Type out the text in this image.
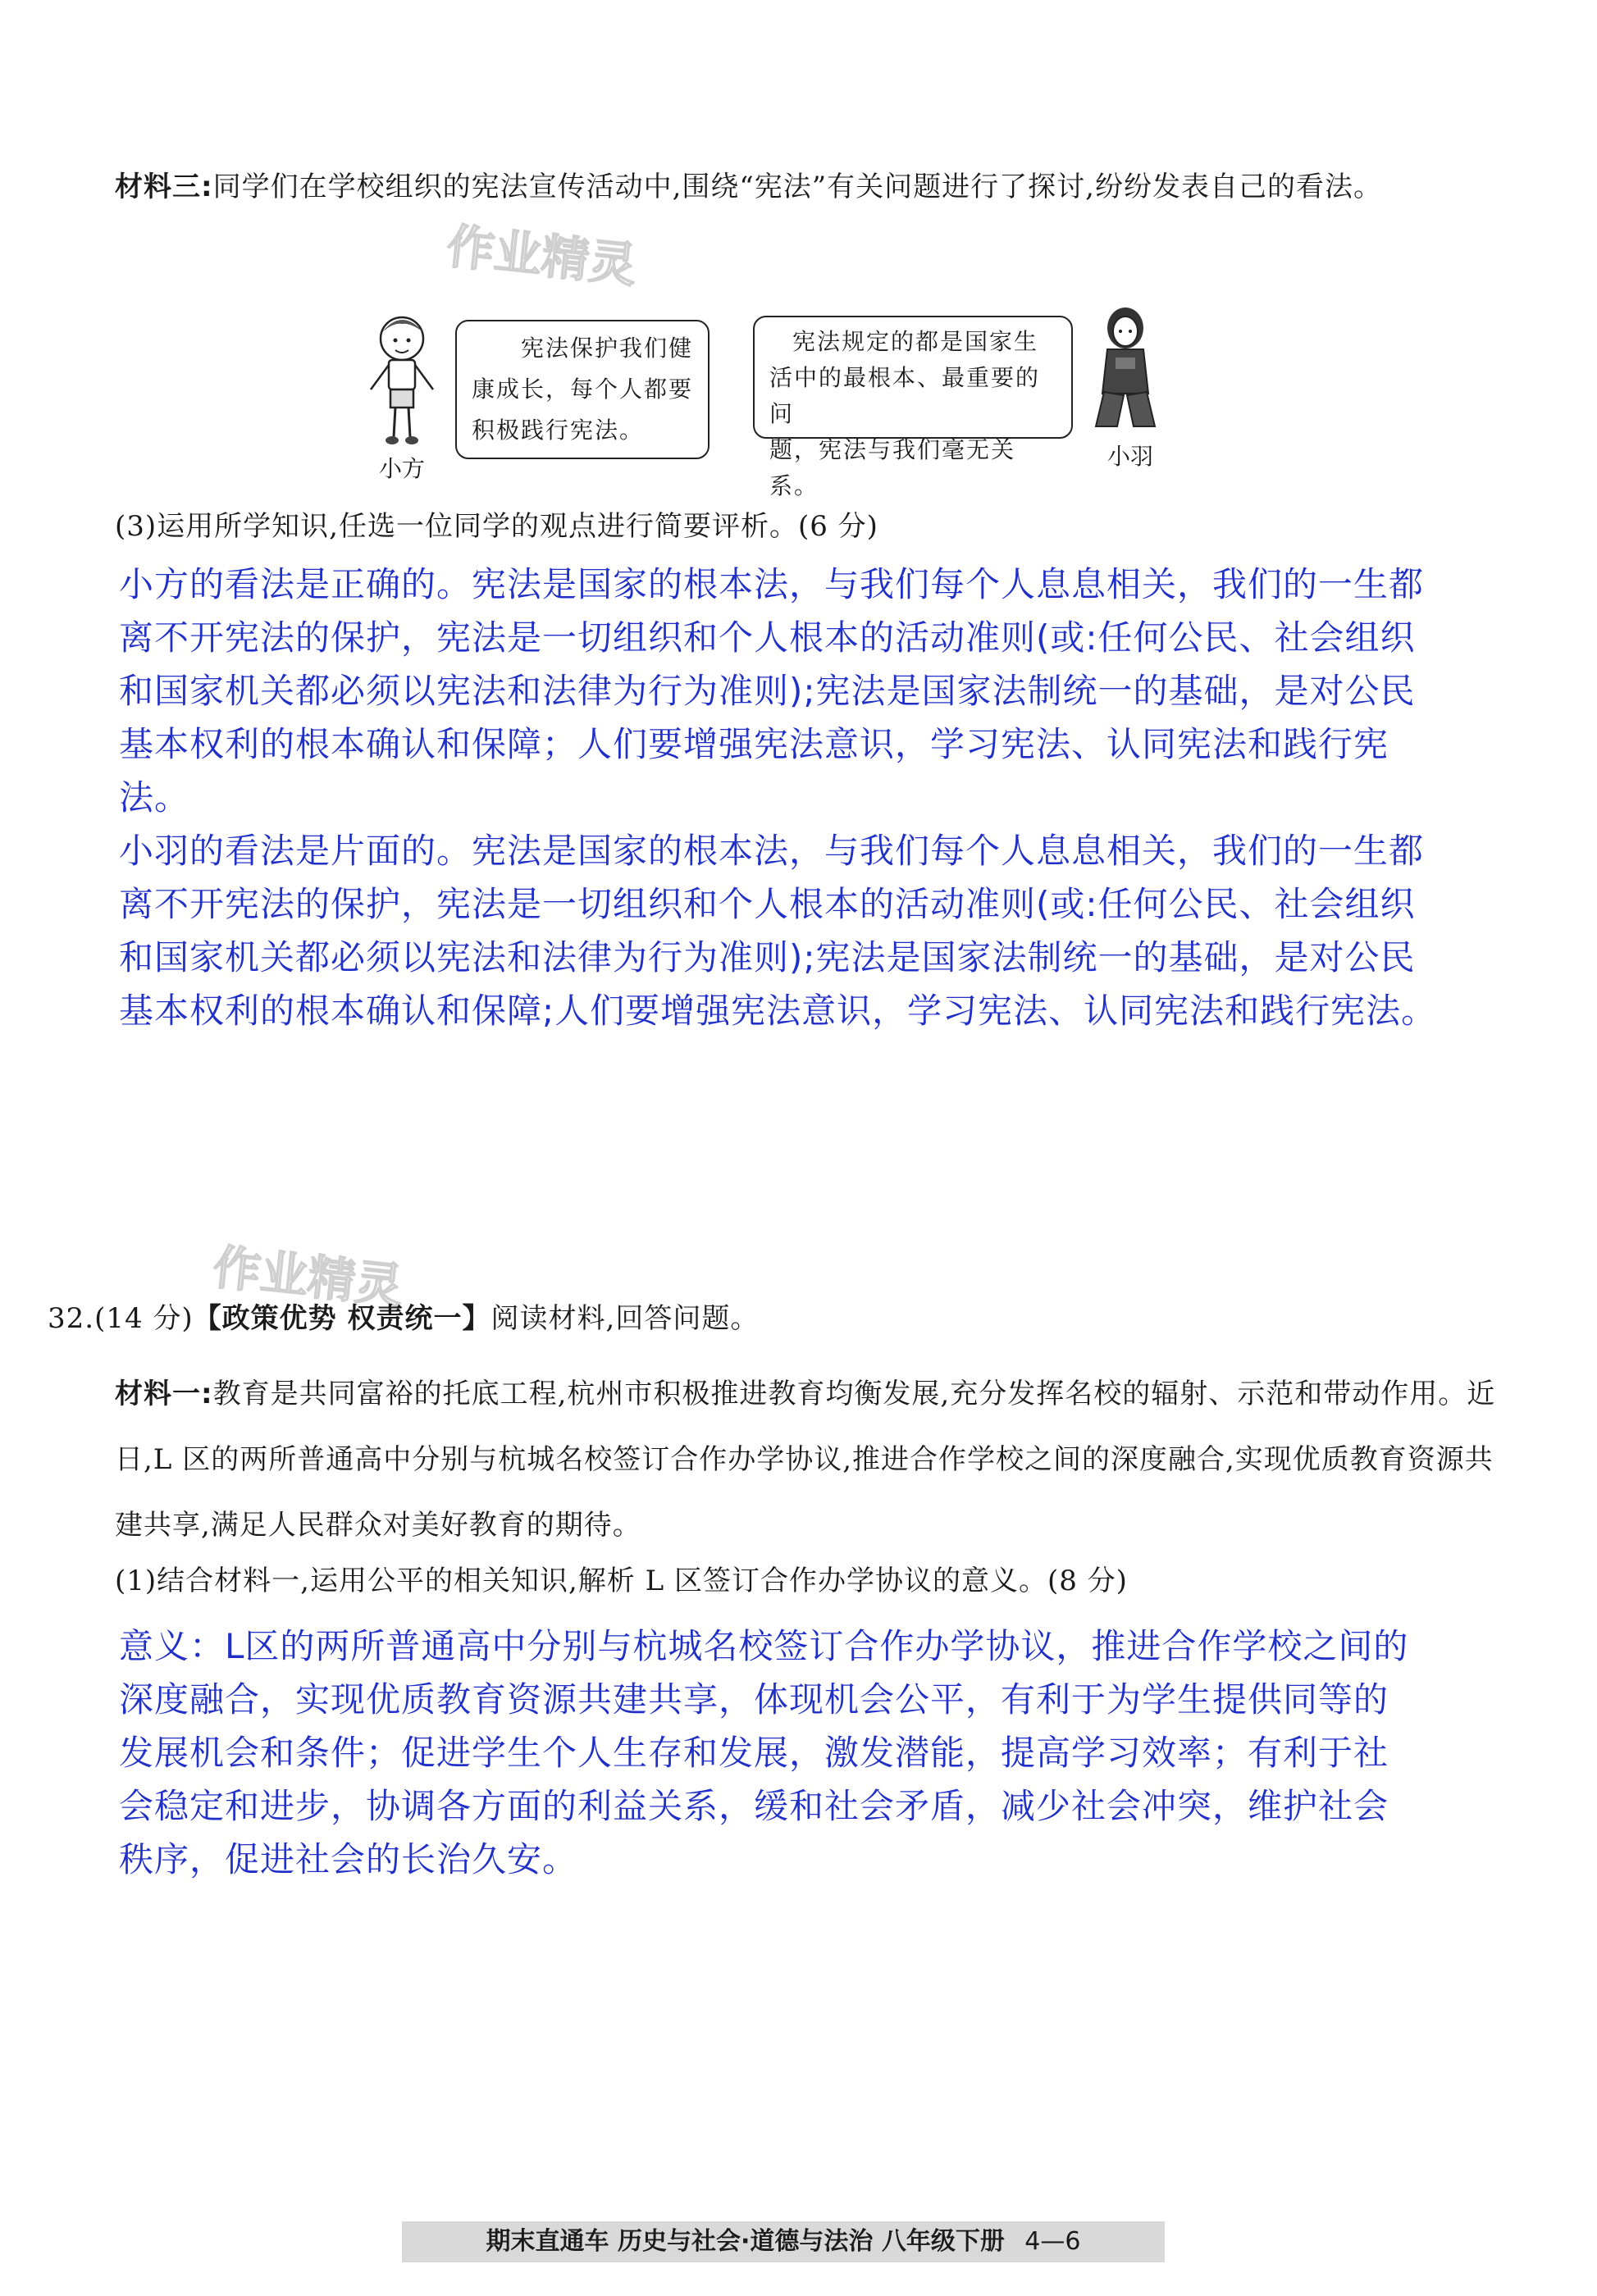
作业精灵
作业精灵
材料三:同学们在学校组织的宪法宣传活动中,围绕“宪法”有关问题进行了探讨,纷纷发表自己的看法。
小方
宪法保护我们健
康成长，每个人都要
积极践行宪法。
宪法规定的都是国家生
活中的最根本、最重要的问
题，宪法与我们毫无关系。
小羽
(3)运用所学知识,任选一位同学的观点进行简要评析。(6 分)
小方的看法是正确的。宪法是国家的根本法，与我们每个人息息相关，我们的一生都
离不开宪法的保护，宪法是一切组织和个人根本的活动准则(或:任何公民、社会组织
和国家机关都必须以宪法和法律为行为准则);宪法是国家法制统一的基础，是对公民
基本权利的根本确认和保障；人们要增强宪法意识，学习宪法、认同宪法和践行宪
法。
小羽的看法是片面的。宪法是国家的根本法，与我们每个人息息相关，我们的一生都
离不开宪法的保护，宪法是一切组织和个人根本的活动准则(或:任何公民、社会组织
和国家机关都必须以宪法和法律为行为准则);宪法是国家法制统一的基础，是对公民
基本权利的根本确认和保障;人们要增强宪法意识，学习宪法、认同宪法和践行宪法。
32.(14 分)【政策优势 权责统一】阅读材料,回答问题。
材料一:教育是共同富裕的托底工程,杭州市积极推进教育均衡发展,充分发挥名校的辐射、示范和带动作用。近日,L 区的两所普通高中分别与杭城名校签订合作办学协议,推进合作学校之间的深度融合,实现优质教育资源共建共享,满足人民群众对美好教育的期待。
(1)结合材料一,运用公平的相关知识,解析 L 区签订合作办学协议的意义。(8 分)
意义：L区的两所普通高中分别与杭城名校签订合作办学协议，推进合作学校之间的
深度融合，实现优质教育资源共建共享，体现机会公平，有利于为学生提供同等的
发展机会和条件；促进学生个人生存和发展，激发潜能，提高学习效率；有利于社
会稳定和进步，协调各方面的利益关系，缓和社会矛盾，减少社会冲突，维护社会
秩序，促进社会的长治久安。
期末直通车 历史与社会·道德与法治 八年级下册 4—6
